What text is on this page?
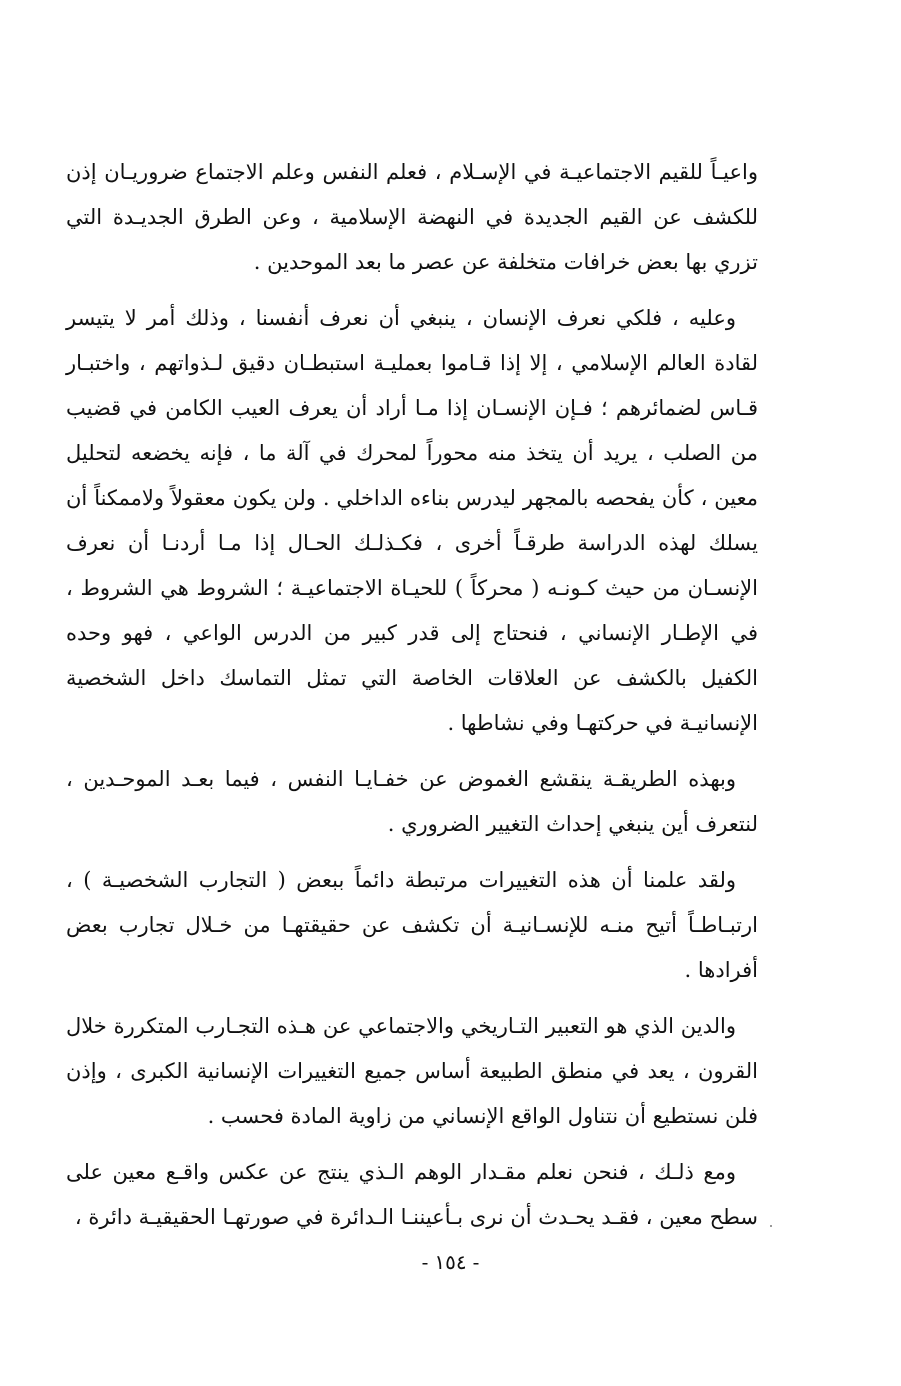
واعيـاً للقيم الاجتماعيـة في الإسـلام ، فعلم النفس وعلم الاجتماع ضروريـان إذن للكشف عن القيم الجديدة في النهضة الإسلامية ، وعن الطرق الجديـدة التي تزري بها بعض خرافات متخلفة عن عصر ما بعد الموحدين .

وعليه ، فلكي نعرف الإنسان ، ينبغي أن نعرف أنفسنا ، وذلك أمر لا يتيسر لقادة العالم الإسلامي ، إلا إذا قـاموا بعمليـة استبطـان دقيق لـذواتهم ، واختبـار قـاس لضمائرهم ؛ فـإن الإنسـان إذا مـا أراد أن يعرف العيب الكامن في قضيب من الصلب ، يريد أن يتخذ منه محوراً لمحرك في آلة ما ، فإنه يخضعه لتحليل معين ، كأن يفحصه بالمجهر ليدرس بناءه الداخلي . ولن يكون معقولاً ولاممكناً أن يسلك لهذه الدراسة طرقـاً أخرى ، فكـذلـك الحـال إذا مـا أردنـا أن نعرف الإنسـان من حيث كـونـه ( محركاً ) للحيـاة الاجتماعيـة ؛ الشروط هي الشروط ، في الإطـار الإنساني ، فنحتاج إلى قدر كبير من الدرس الواعي ، فهو وحده الكفيل بالكشف عن العلاقات الخاصة التي تمثل التماسك داخل الشخصية الإنسانيـة في حركتهـا وفي نشاطها .

وبهذه الطريقـة ينقشع الغموض عن خفـايـا النفس ، فيما بعـد الموحـدين ، لنتعرف أين ينبغي إحداث التغيير الضروري .

ولقد علمنا أن هذه التغييرات مرتبطة دائماً ببعض ( التجارب الشخصيـة ) ، ارتبـاطـاً أتيح منـه للإنسـانيـة أن تكشف عن حقيقتهـا من خـلال تجارب بعض أفرادها .

والدين الذي هو التعبير التـاريخي والاجتماعي عن هـذه التجـارب المتكررة خلال القرون ، يعد في منطق الطبيعة أساس جميع التغييرات الإنسانية الكبرى ، وإذن فلن نستطيع أن نتناول الواقع الإنساني من زاوية المادة فحسب .

ومع ذلـك ، فنحن نعلم مقـدار الوهم الـذي ينتج عن عكس واقـع معين على سطح معين ، فقـد يحـدث أن نرى بـأعيننـا الـدائرة في صورتهـا الحقيقيـة دائرة ،

-١٥٤-
